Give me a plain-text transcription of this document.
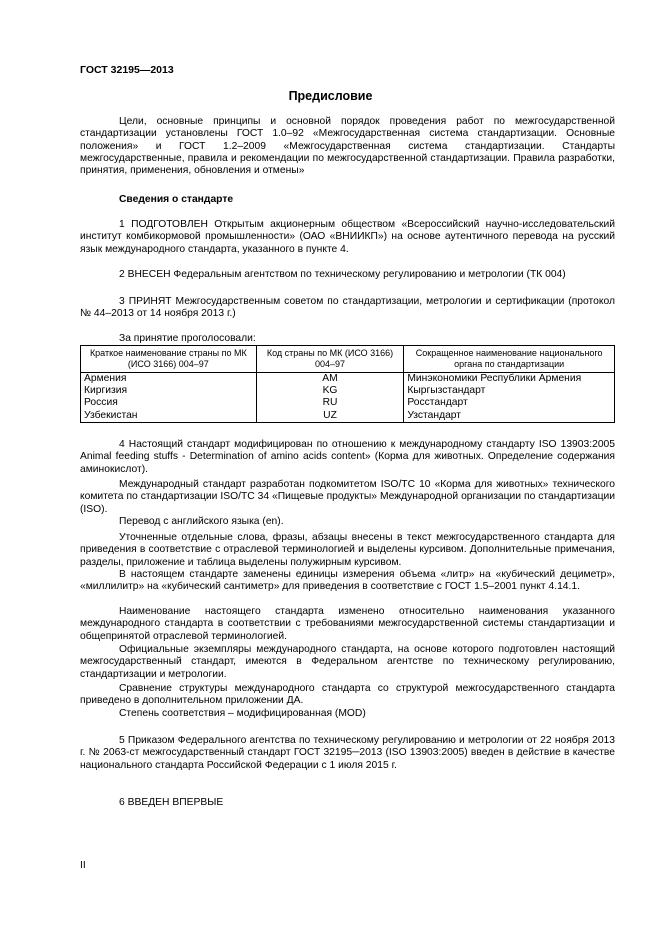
ГОСТ 32195—2013
Предисловие
Цели, основные принципы и основной порядок проведения работ по межгосударственной стандартизации установлены ГОСТ 1.0–92 «Межгосударственная система стандартизации. Основные положения» и ГОСТ 1.2–2009 «Межгосударственная система стандартизации. Стандарты межгосударственные, правила и рекомендации по межгосударственной стандартизации. Правила разработки, принятия, применения, обновления и отмены»
Сведения о стандарте
1 ПОДГОТОВЛЕН Открытым акционерным обществом «Всероссийский научно-исследовательский институт комбикормовой промышленности» (ОАО «ВНИИКП») на основе аутентичного перевода на русский язык международного стандарта, указанного в пункте 4.
2 ВНЕСЕН Федеральным агентством по техническому регулированию и метрологии (ТК 004)
3 ПРИНЯТ Межгосударственным советом по стандартизации, метрологии и сертификации (протокол № 44–2013 от 14 ноября 2013 г.)
За принятие проголосовали:
Краткое наименование страны по МК (ИСО 3166) 004–97	Код страны по МК (ИСО 3166) 004–97	Сокращенное наименование национального органа по стандартизации
Армения	AM	Минэкономики Республики Армения
Киргизия	KG	Кыргызстандарт
Россия	RU	Росстандарт
Узбекистан	UZ	Узстандарт
4 Настоящий стандарт модифицирован по отношению к международному стандарту ISO 13903:2005 Animal feeding stuffs - Determination of amino acids content» (Корма для животных. Определение содержания аминокислот).
Международный стандарт разработан подкомитетом ISO/TC 10 «Корма для животных» технического комитета по стандартизации ISO/TC 34 «Пищевые продукты» Международной организации по стандартизации (ISO).
Перевод с английского языка (en).
Уточненные отдельные слова, фразы, абзацы внесены в текст межгосударственного стандарта для приведения в соответствие с отраслевой терминологией и выделены курсивом. Дополнительные примечания, разделы, приложение и таблица выделены полужирным курсивом.
В настоящем стандарте заменены единицы измерения объема «литр» на «кубический дециметр», «миллилитр» на «кубический сантиметр» для приведения в соответствие с ГОСТ 1.5–2001 пункт 4.14.1.
Наименование настоящего стандарта изменено относительно наименования указанного международного стандарта в соответствии с требованиями межгосударственной системы стандартизации и общепринятой отраслевой терминологией.
Официальные экземпляры международного стандарта, на основе которого подготовлен настоящий межгосударственный стандарт, имеются в Федеральном агентстве по техническому регулированию, стандартизации и метрологии.
Сравнение структуры международного стандарта со структурой межгосударственного стандарта приведено в дополнительном приложении ДА.
Степень соответствия – модифицированная (MOD)
5 Приказом Федерального агентства по техническому регулированию и метрологии от 22 ноября 2013 г. № 2063-ст межгосударственный стандарт ГОСТ 32195─2013 (ISO 13903:2005) введен в действие в качестве национального стандарта Российской Федерации с 1 июля 2015 г.
6 ВВЕДЕН ВПЕРВЫЕ
II
